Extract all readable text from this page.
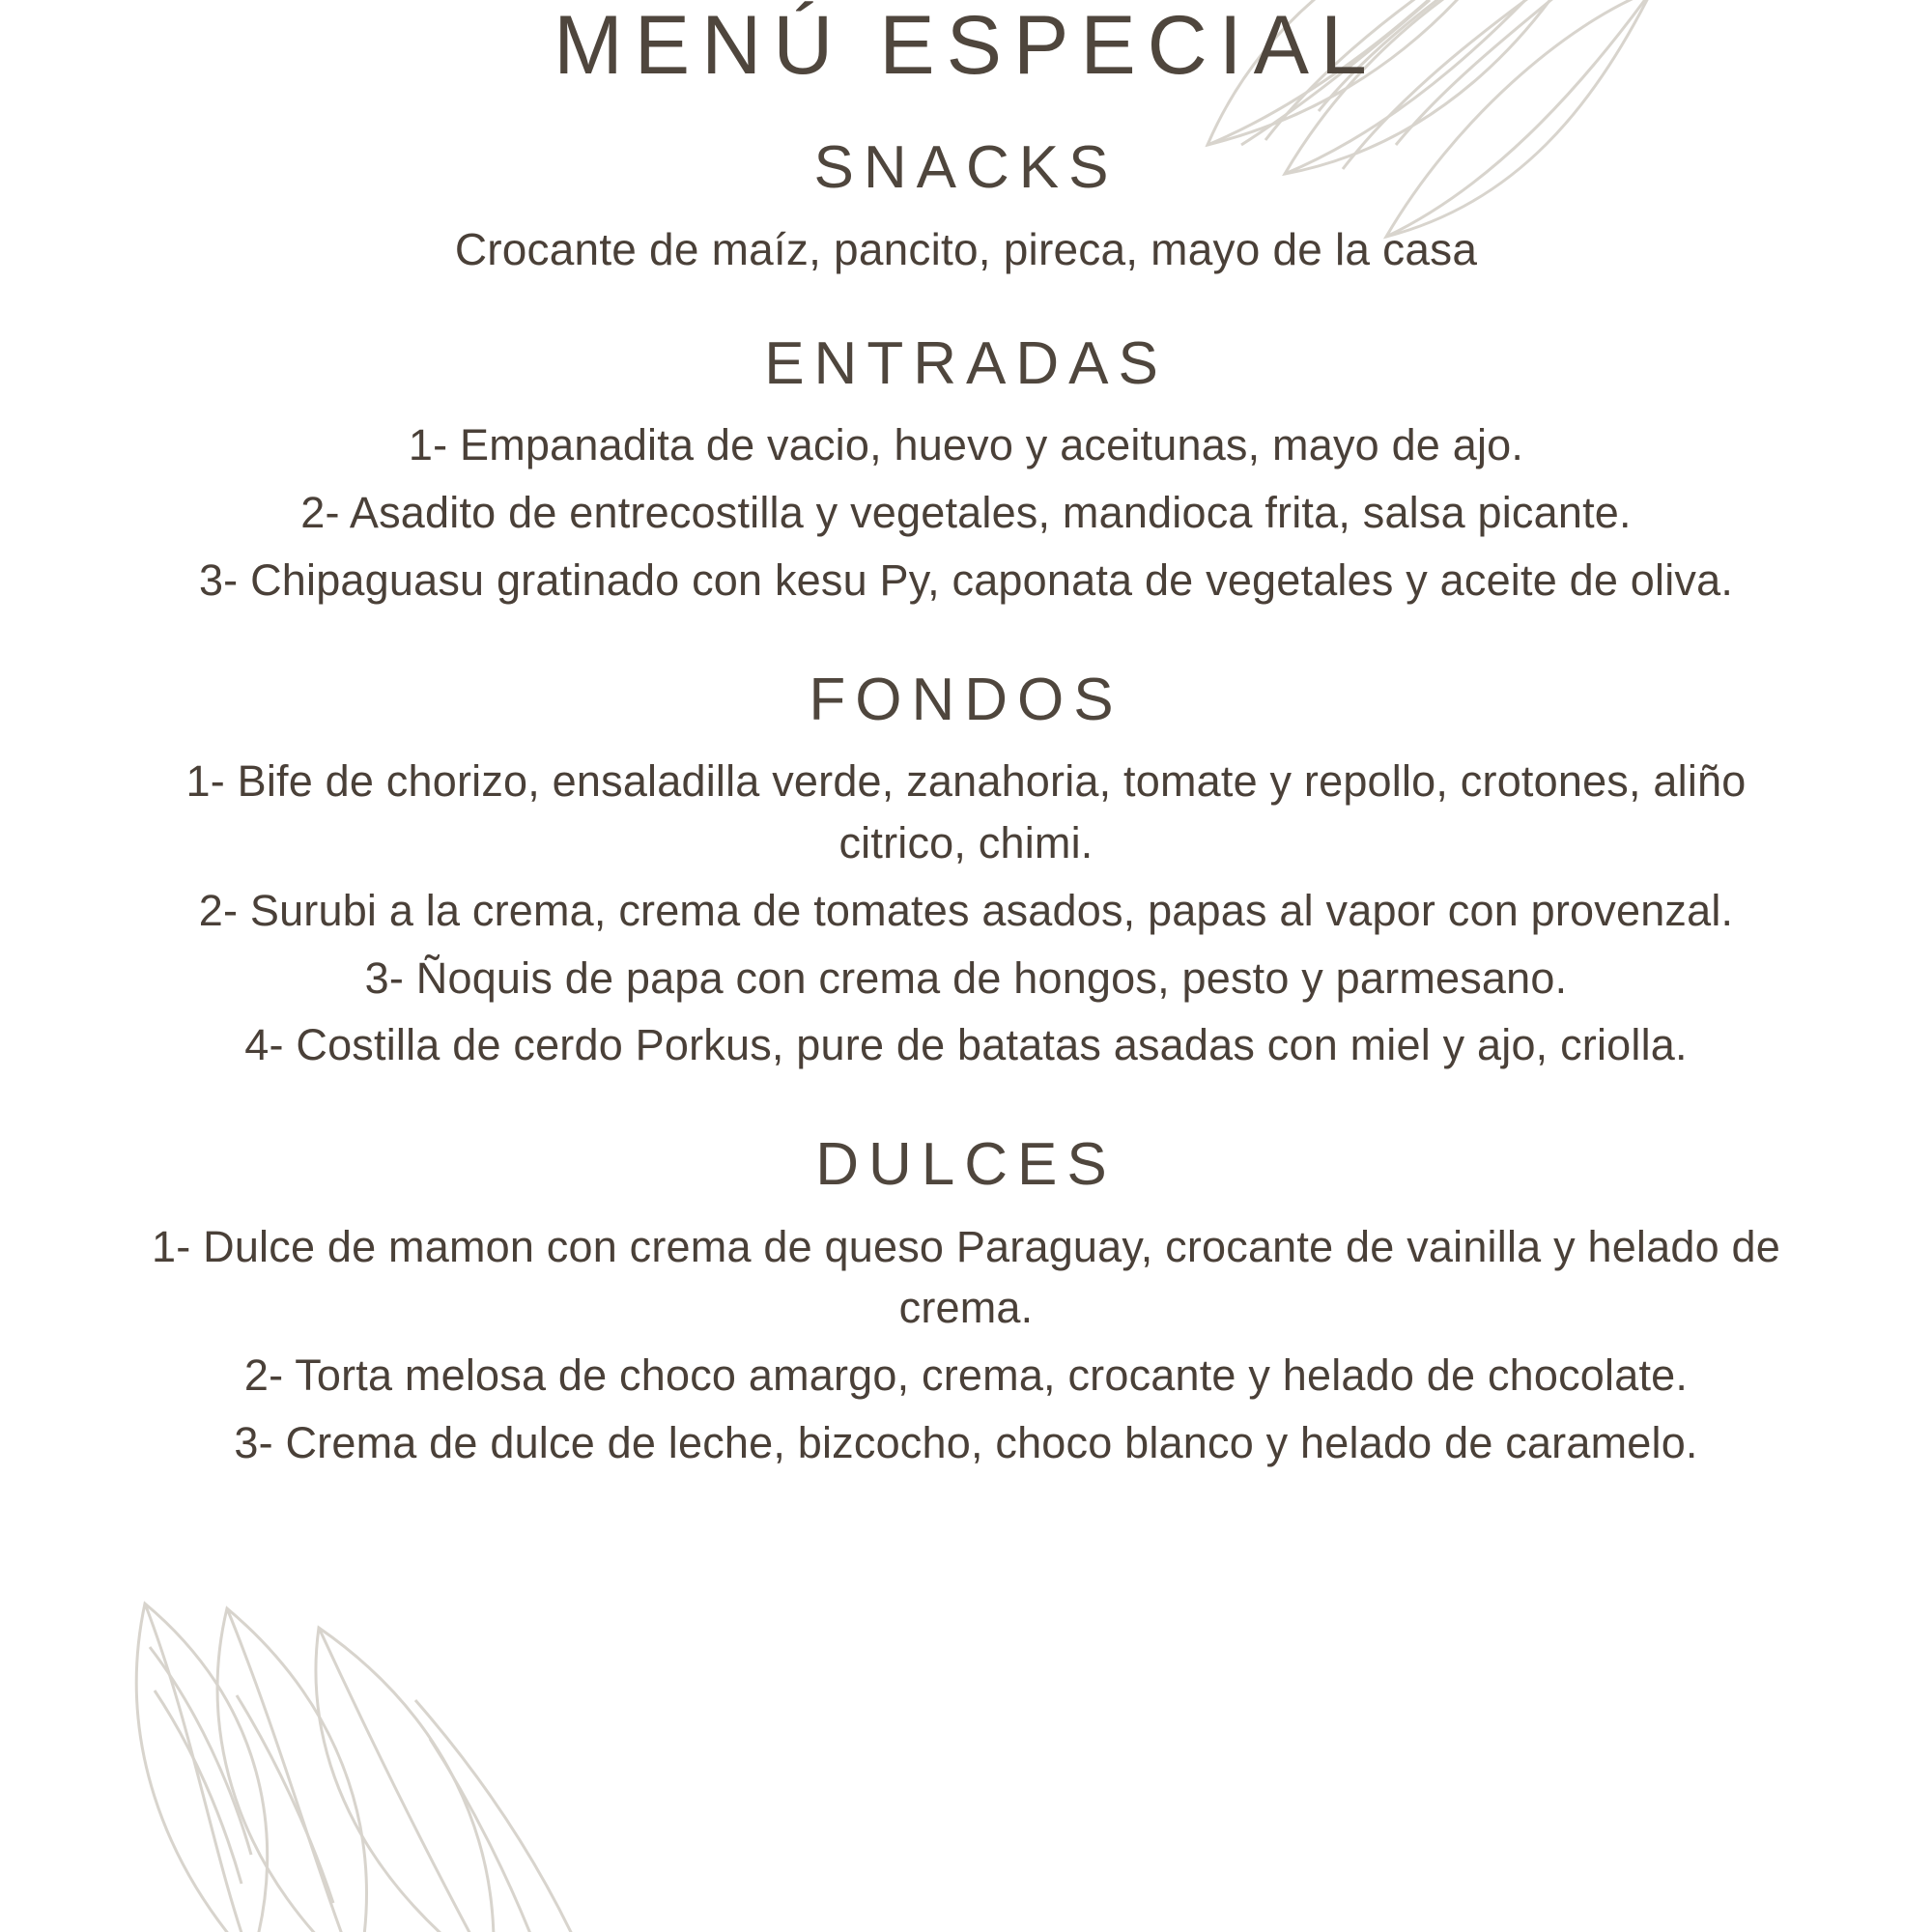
MENÚ ESPECIAL
SNACKS
Crocante de maíz, pancito, pireca, mayo de la casa
ENTRADAS
1- Empanadita de vacio, huevo y aceitunas, mayo de ajo.
2- Asadito de entrecostilla y vegetales, mandioca frita, salsa picante.
3- Chipaguasu gratinado con kesu Py, caponata de vegetales y aceite de oliva.
FONDOS
1- Bife de chorizo, ensaladilla verde, zanahoria, tomate y repollo, crotones, aliño citrico, chimi.
2- Surubi a la crema, crema de tomates asados, papas al vapor con provenzal.
3- Ñoquis de papa con crema de hongos, pesto y parmesano.
4- Costilla de cerdo Porkus, pure de batatas asadas con miel y ajo, criolla.
DULCES
1- Dulce de mamon con crema de queso Paraguay, crocante de vainilla y helado de crema.
2- Torta melosa de choco amargo, crema, crocante y helado de chocolate.
3- Crema de dulce de leche, bizcocho, choco blanco y helado de caramelo.
